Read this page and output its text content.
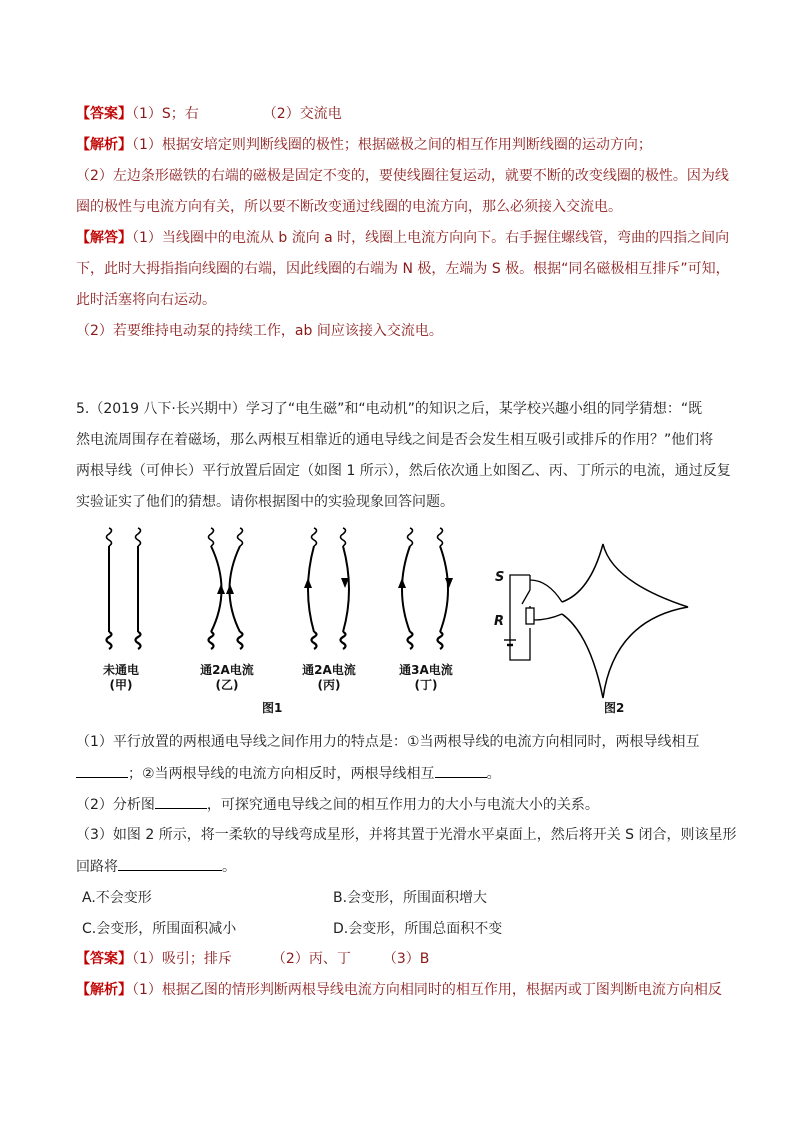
【答案】（1）S；右	（2）交流电
【解析】（1）根据安培定则判断线圈的极性；根据磁极之间的相互作用判断线圈的运动方向；
（2）左边条形磁铁的右端的磁极是固定不变的，要使线圈往复运动，就要不断的改变线圈的极性。因为线
圈的极性与电流方向有关，所以要不断改变通过线圈的电流方向，那么必须接入交流电。
【解答】（1）当线圈中的电流从 b 流向 a 时，线圈上电流方向向下。右手握住螺线管，弯曲的四指之间向
下，此时大拇指指向线圈的右端，因此线圈的右端为 N 极，左端为 S 极。根据“同名磁极相互排斥”可知，
此时活塞将向右运动。
（2）若要维持电动泵的持续工作，ab 间应该接入交流电。
5.（2019 八下·长兴期中）学习了“电生磁”和“电动机”的知识之后，某学校兴趣小组的同学猜想：“既
然电流周围存在着磁场，那么两根互相靠近的通电导线之间是否会发生相互吸引或排斥的作用？”他们将
两根导线（可伸长）平行放置后固定（如图 1 所示），然后依次通上如图乙、丙、丁所示的电流，通过反复
实验证实了他们的猜想。请你根据图中的实验现象回答问题。
未通电
(甲)
通2A电流
(乙)
通2A电流
(丙)
通3A电流
(丁)
图1	图2
S
R
（1）平行放置的两根通电导线之间作用力的特点是：①当两根导线的电流方向相同时，两根导线相互
；②当两根导线的电流方向相反时，两根导线相互	。
（2）分析图	，可探究通电导线之间的相互作用力的大小与电流大小的关系。
（3）如图 2 所示，将一柔软的导线弯成星形，并将其置于光滑水平桌面上，然后将开关 S 闭合，则该星形
回路将	。
A.不会变形	B.会变形，所围面积增大
C.会变形，所围面积减小	D.会变形，所围总面积不变
【答案】（1）吸引；排斥	（2）丙、丁 （3）B
【解析】（1）根据乙图的情形判断两根导线电流方向相同时的相互作用，根据丙或丁图判断电流方向相反
